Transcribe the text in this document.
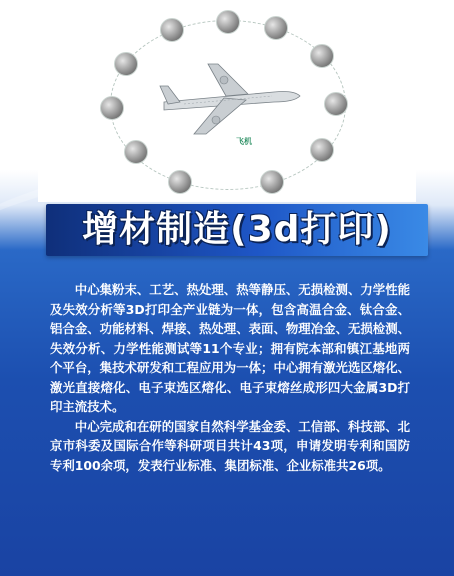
飞机
增材制造(3d打印)

中心集粉末、工艺、热处理、热等静压、无损检测、力学性能及失效分析等3D打印全产业链为一体，包含高温合金、钛合金、铝合金、功能材料、焊接、热处理、表面、物理冶金、无损检测、失效分析、力学性能测试等11个专业；拥有院本部和镇江基地两个平台，集技术研发和工程应用为一体；中心拥有激光选区熔化、激光直接熔化、电子束选区熔化、电子束熔丝成形四大金属3D打印主流技术。

中心完成和在研的国家自然科学基金委、工信部、科技部、北京市科委及国际合作等科研项目共计43项，申请发明专利和国防专利100余项，发表行业标准、集团标准、企业标准共26项。
